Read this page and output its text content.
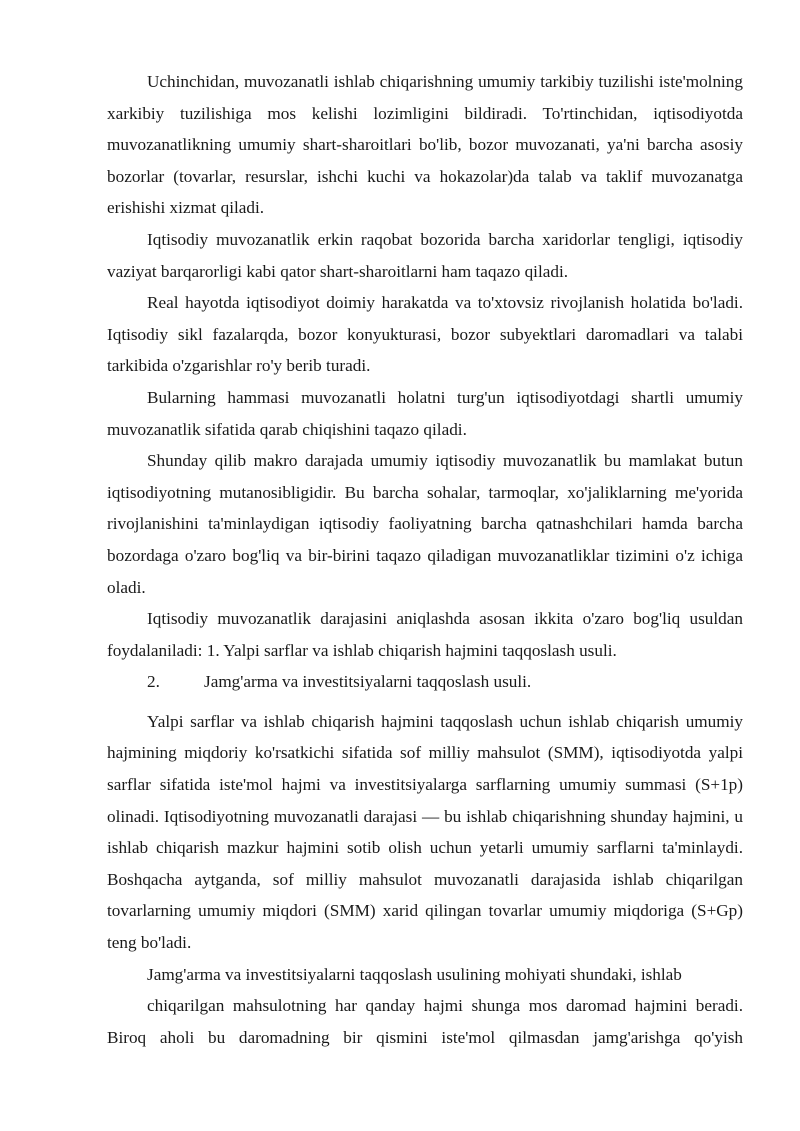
Uchinchidan, muvozanatli ishlab chiqarishning umumiy tarkibiy tuzilishi iste'molning xarkibiy tuzilishiga mos kelishi lozimligini bildiradi. To'rtinchidan, iqtisodiyotda muvozanatlikning umumiy shart-sharoitlari bo'lib, bozor muvozanati, ya'ni barcha asosiy bozorlar (tovarlar, resurslar, ishchi kuchi va hokazolar)da talab va taklif muvozanatga erishishi xizmat qiladi.

Iqtisodiy muvozanatlik erkin raqobat bozorida barcha xaridorlar tengligi, iqtisodiy vaziyat barqarorligi kabi qator shart-sharoitlarni ham taqazo qiladi.

Real hayotda iqtisodiyot doimiy harakatda va to'xtovsiz rivojlanish holatida bo'ladi. Iqtisodiy sikl fazalarqda, bozor konyukturasi, bozor subyektlari daromadlari va talabi tarkibida o'zgarishlar ro'y berib turadi.

Bularning hammasi muvozanatli holatni turg'un iqtisodiyotdagi shartli umumiy muvozanatlik sifatida qarab chiqishini taqazo qiladi.

Shunday qilib makro darajada umumiy iqtisodiy muvozanatlik bu mamlakat butun iqtisodiyotning mutanosibligidir. Bu barcha sohalar, tarmoqlar, xo'jaliklarning me'yorida rivojlanishini ta'minlaydigan iqtisodiy faoliyatning barcha qatnashchilari hamda barcha bozordaga o'zaro bog'liq va bir-birini taqazo qiladigan muvozanatliklar tizimini o'z ichiga oladi.

Iqtisodiy muvozanatlik darajasini aniqlashda asosan ikkita o'zaro bog'liq usuldan foydalaniladi: 1. Yalpi sarflar va ishlab chiqarish hajmini taqqoslash usuli.

2.	Jamg'arma va investitsiyalarni taqqoslash usuli.

Yalpi sarflar va ishlab chiqarish hajmini taqqoslash uchun ishlab chiqarish umumiy hajmining miqdoriy ko'rsatkichi sifatida sof milliy mahsulot (SMM), iqtisodiyotda yalpi sarflar sifatida iste'mol hajmi va investitsiyalarga sarflarning umumiy summasi (S+1p) olinadi. Iqtisodiyotning muvozanatli darajasi — bu ishlab chiqarishning shunday hajmini, u ishlab chiqarish mazkur hajmini sotib olish uchun yetarli umumiy sarflarni ta'minlaydi. Boshqacha aytganda, sof milliy mahsulot muvozanatli darajasida ishlab chiqarilgan tovarlarning umumiy miqdori (SMM) xarid qilingan tovarlar umumiy miqdoriga (S+Gp) teng bo'ladi.

Jamg'arma va investitsiyalarni taqqoslash usulining mohiyati shundaki, ishlab

chiqarilgan mahsulotning har qanday hajmi shunga mos daromad hajmini beradi. Biroq aholi bu daromadning bir qismini iste'mol qilmasdan jamg'arishga qo'yish
